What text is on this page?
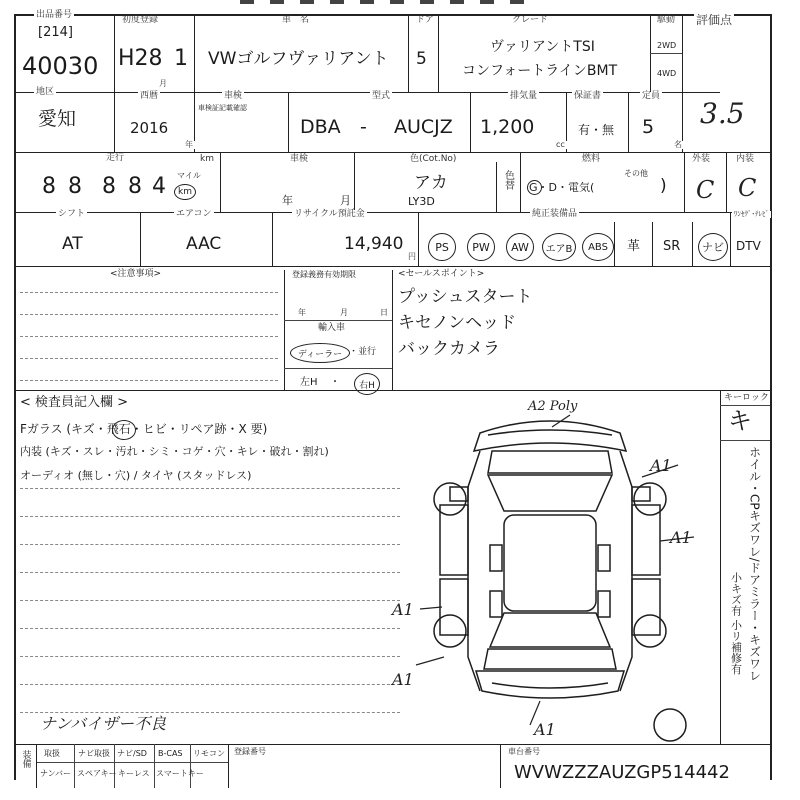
出品番号
[214]
40030
初度登録
H28 1
月
車　名
VWゴルフヴァリアント
ドア
5
グレード
ヴァリアントTSI
コンフォートラインBMT
駆動
2WD
4WD
評価点
3.5
地区
愛知
西暦
2016
年
車検
車検証記載確認
型式
DBA - AUCJZ
排気量
1,200
cc
保証書
有・無
定員
5
名
走行
8 8 8 8 4 マイル
km
km	車検
年	月
色(Cot.No)
アカ
LY3D
色替
燃料
G・D・電気(
その他
)
外装
C
内装
C
シフト
AT
エアコン
AAC
リサイクル預託金
14,940
円
純正装備品	ﾜﾝｾｸﾞ･ﾃﾚﾋﾞ
PS	PW	AW	エアB	ABS	革 SR	ナビ	DTV
<注意事項>	登録義務有効期限
年	月	日
輸入車
ディーラー ・並行
左H ・	右H
<セールスポイント>
プッシュスタート
キセノンヘッド
バックカメラ
< 検査員記入欄 >
Fガラス (キズ・飛石・ヒビ・リペア跡・X 要)
内装 (キズ・スレ・汚れ・シミ・コゲ・穴・キレ・破れ・割れ)
オーディオ (無し・穴) / タイヤ (スタッドレス)
ナンバイザー不良
キーロック
キ
ホイル・CPキズワレ/ドアミラー・キズワレ
小キズ有 小リ補修有
A2 Poly
A1
A1
A1
A1
A1
装備 取扱 ナビ取扱 ナビ/SD B-CAS リモコン
ナンバー スペアキー キーレス スマートキー
登録番号	車台番号
WVWZZZAUZGP514442
